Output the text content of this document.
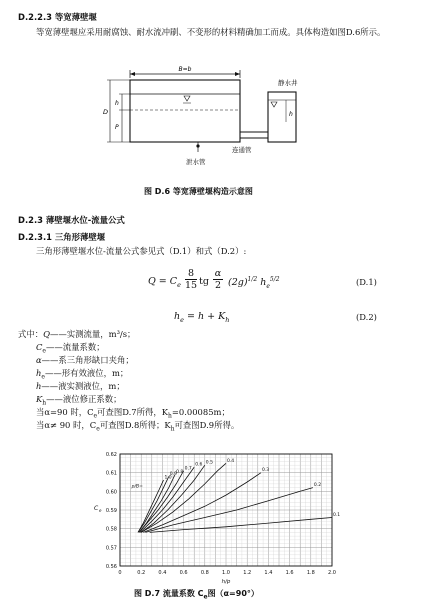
D.2.2.3 等宽薄壁堰
等宽薄壁堰应采用耐腐蚀、耐水流冲刷、不变形的材料精确加工而成。具体构造如图D.6所示。
B=b
D
h
P
泄水管
连通管
h
静水井
图 D.6 等宽薄壁堰构造示意图
D.2.3 薄壁堰水位-流量公式
D.2.3.1 三角形薄壁堰
三角形薄壁堰水位-流量公式参见式（D.1）和式（D.2）:
$Q = C_e \frac{8}{15}$ tg $\frac{\alpha}{2} (2g)^{1/2}$ $h_e^{5/2}$	(D.1)
$h_e = h + K_h$	(D.2)
式中：Q——实测流量，m³/s；
$C_e——$流量系数；
α——系三角形缺口夹角；
$h_e——$形有效液位，m；
h——液实测液位，m；
$K_h——$液位修正系数；
当α=90 时，$C_e$可查图D.7所得，$K_h=0.00085m$；
当α≠ 90 时，$C_e$可查图D.8所得；$K_h$可查图D.9所得。
0	0.2	0.4	0.6	0.8	1.0	1.2	1.4	1.6	1.8	2.0
0.56
0.57
0.58
0.59
0.60
0.61
0.62
h/p
C e
p/B=
0.1
0.2
0.3
0.4
0.5
0.6
0.7
0.8
0.9
1.0
图 D.7 流量系数 $C_e$图（α=90°）
